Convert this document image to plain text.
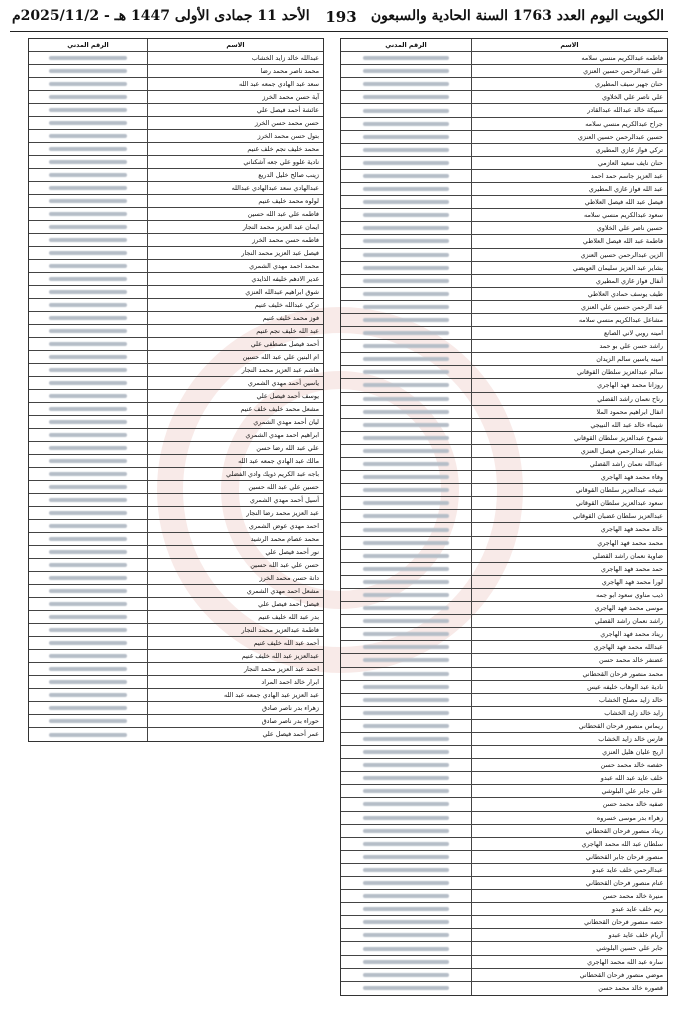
الكويت اليوم العدد 1763 السنة الحادية والسبعون
193
الأحد 11 جمادى الأولى 1447 هـ - 2025/11/2م
الاسم
الرقم المدني
فاطمه عبدالكريم منسي سلامه
علي عبدالرحمن حسين العنزي
حنان جهير سيف المطيري
علي ناصر علي الخلاوي
سبيكة خالد عبدالله عبدالقادر
جراح عبدالكريم منسي سلامه
حسين عبدالرحمن حسين العنزي
تركي فواز غازي المطيري
حنان نايف سعيد العازمي
عبد العزيز جاسم حمد احمد
عبد الله فواز غازي المطيري
فيصل عبد الله فيصل العلاطي
سعود عبدالكريم منسي سلامه
حسين ناصر علي الخلاوي
فاطمة عبد الله فيصل العلاطي
الزين عبدالرحمن حسين العنزي
بشاير عبد العزيز سليمان العويضي
أنفال فواز غازي المطيري
طيف يوسف حمادي العلاطي
عبد الرحمن حسين علي العنزي
مشاعل عبدالكريم منسي سلامه
امينه روبي لاني الصانع
راشد حسن علي بو حمد
امينه ياسين سالم الزيدان
سالم عبدالعزيز سلطان القوقاني
روزانا محمد فهد الهاجري
رناح نعمان راشد القضلي
انفال ابراهيم محمود الملا
شيماء خالد عبد الله النبيجي
شموخ عبدالعزيز سلطان القوقاني
بشاير عبدالرحمن فيصل العنزي
عبدالله نعمان راشد القضلي
وفاء محمد فهد الهاجري
شيخه عبدالعزيز سلطان القوقاني
سعود عبدالعزيز سلطان القوقاني
عبدالعزيز سلطان غضبان القوقاني
خالد محمد فهد الهاجري
محمد محمد فهد الهاجري
ضاوية نعمان راشد القضلي
حمد محمد فهد الهاجري
لورا محمد فهد الهاجري
ذيب مناوي سعود ابو جمه
موسى محمد فهد الهاجري
راشد نعمان راشد القضلي
ريناد محمد فهد الهاجري
عبدالله محمد فهد الهاجري
غضنفر خالد محمد حسن
محمد منصور فرحان القحطاني
نادية عبد الوهاب خليفه عيس
خالد زايد مصلح الخشاب
زايد خالد زايد الخشاب
ريماس منصور فرحان القحطاني
فارس خالد زايد الخشاب
اريج عليان هليل العنزي
حفصه خالد محمد حسن
خلف عايد عبد الله عبدو
علي جابر علي البلوشي
صفيه خالد محمد حسن
زهراء بدر موسى خسروه
ريناد منصور فرحان القحطاني
سلطان عبد الله محمد الهاجري
منصور فرحان جابر القحطاني
عبدالرحمن خلف عايد عبدو
غنام منصور فرحان القحطاني
منيرة خالد محمد حسن
ريم خلف عايد عبدو
حصه منصور فرحان القحطاني
آريام خلف عايد عبدو
جابر علي حسين البلوشي
ساره عبد الله محمد الهاجري
موضي منصور فرحان القحطاني
قصوره خالد محمد حسن
الاسم
الرقم المدني
عبدالله خالد زايد الخشاب
محمد ناصر محمد رضا
سعد عبد الهادي جمعه عبد الله
آية حسن محمد الخرز
عائشة أحمد فيصل علي
حسن محمد حسن الخرز
بتول حسن محمد الخرز
محمد خليف نجم خلف غنيم
نادية علوو علي جعه آشكناني
زينب صالح خليل الدريع
عبدالهادي سعد عبدالهادي عبدالله
لولوه محمد خليف غنيم
فاطمه علي عبد الله حسين
ايمان عبد العزيز محمد النجار
فاطمه حسن محمد الخرز
فيصل عبد العزيز محمد النجار
محمد احمد مهدي الشمري
غدير الادهم خليفه الذايدي
شوق ابراهيم عبدالله العنزي
تركي عبدالله خليف غنيم
فوز محمد خليف غنيم
عبد الله خليف نجم غنيم
أحمد فيصل مصطفى علي
ام البنين علي عبد الله حسين
هاشم عبد العزيز محمد النجار
ياسين أحمد مهدي الشمري
يوسف أحمد فيصل علي
مشعل محمد خليف خلف غنيم
ليان أحمد مهدي الشمري
ابراهيم احمد مهدي الشمري
علي عبد الله رضا حسن
مالك عبد الهادي جمعه عبد الله
باجه عبد الكريم ذويك وادي الفضلي
حسين علي عبد الله حسين
أسيل أحمد مهدي الشمري
عبد العزيز محمد رضا النجار
احمد مهدي عوض الشمري
محمد عصام محمد الرشيد
نور أحمد فيصل علي
حسن علي عبد الله حسين
دانة حسن محمد الخرز
مشعل احمد مهدي الشمري
فيصل أحمد فيصل علي
بدر عبد الله خليف غنيم
فاطمة عبدالعزيز محمد النجار
أحمد عبد الله خليف غنيم
عبدالعزيز عبد الله خليف غنيم
احمد عبد العزيز محمد النجار
ابرار خالد احمد المراد
عبد العزيز عبد الهادي جمعه عبد الله
زهراء بدر ناصر صادق
حوراء بدر ناصر صادق
عمر أحمد فيصل علي
